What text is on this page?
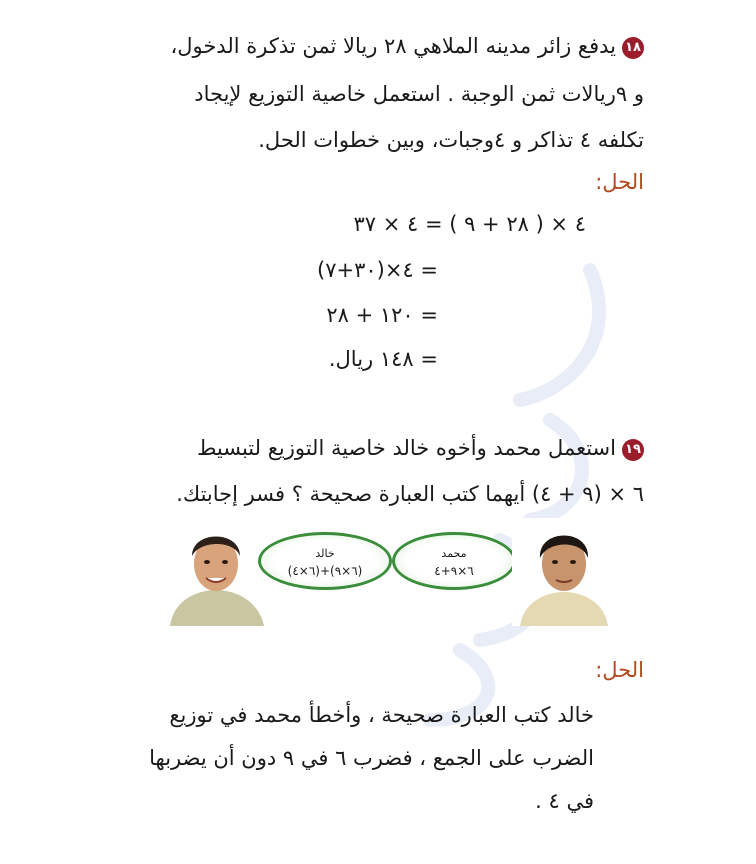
١٨يدفع زائر مدينه الملاهي ٢٨ ريالا ثمن تذكرة الدخول،
و ٩ريالات ثمن الوجبة . استعمل خاصية التوزيع لإيجاد
تكلفه ٤ تذاكر و ٤وجبات، وبين خطوات الحل.
الحل:
٤ × ( ٢٨ + ٩ ) = ٤ × ٣٧
= ٤×(٣٠+٧)
= ١٢٠ + ٢٨
= ١٤٨ ريال.
١٩استعمل محمد وأخوه خالد خاصية التوزيع لتبسيط
٦ × (٩ + ٤) أيهما كتب العبارة صحيحة ؟ فسر إجابتك.
خالد
(٦×٩)+(٦×٤)
محمد
٦×٩+٤
الحل:
خالد كتب العبارة صحيحة ، وأخطأ محمد في توزيع
الضرب على الجمع ، فضرب ٦ في ٩ دون أن يضربها
في ٤ .
